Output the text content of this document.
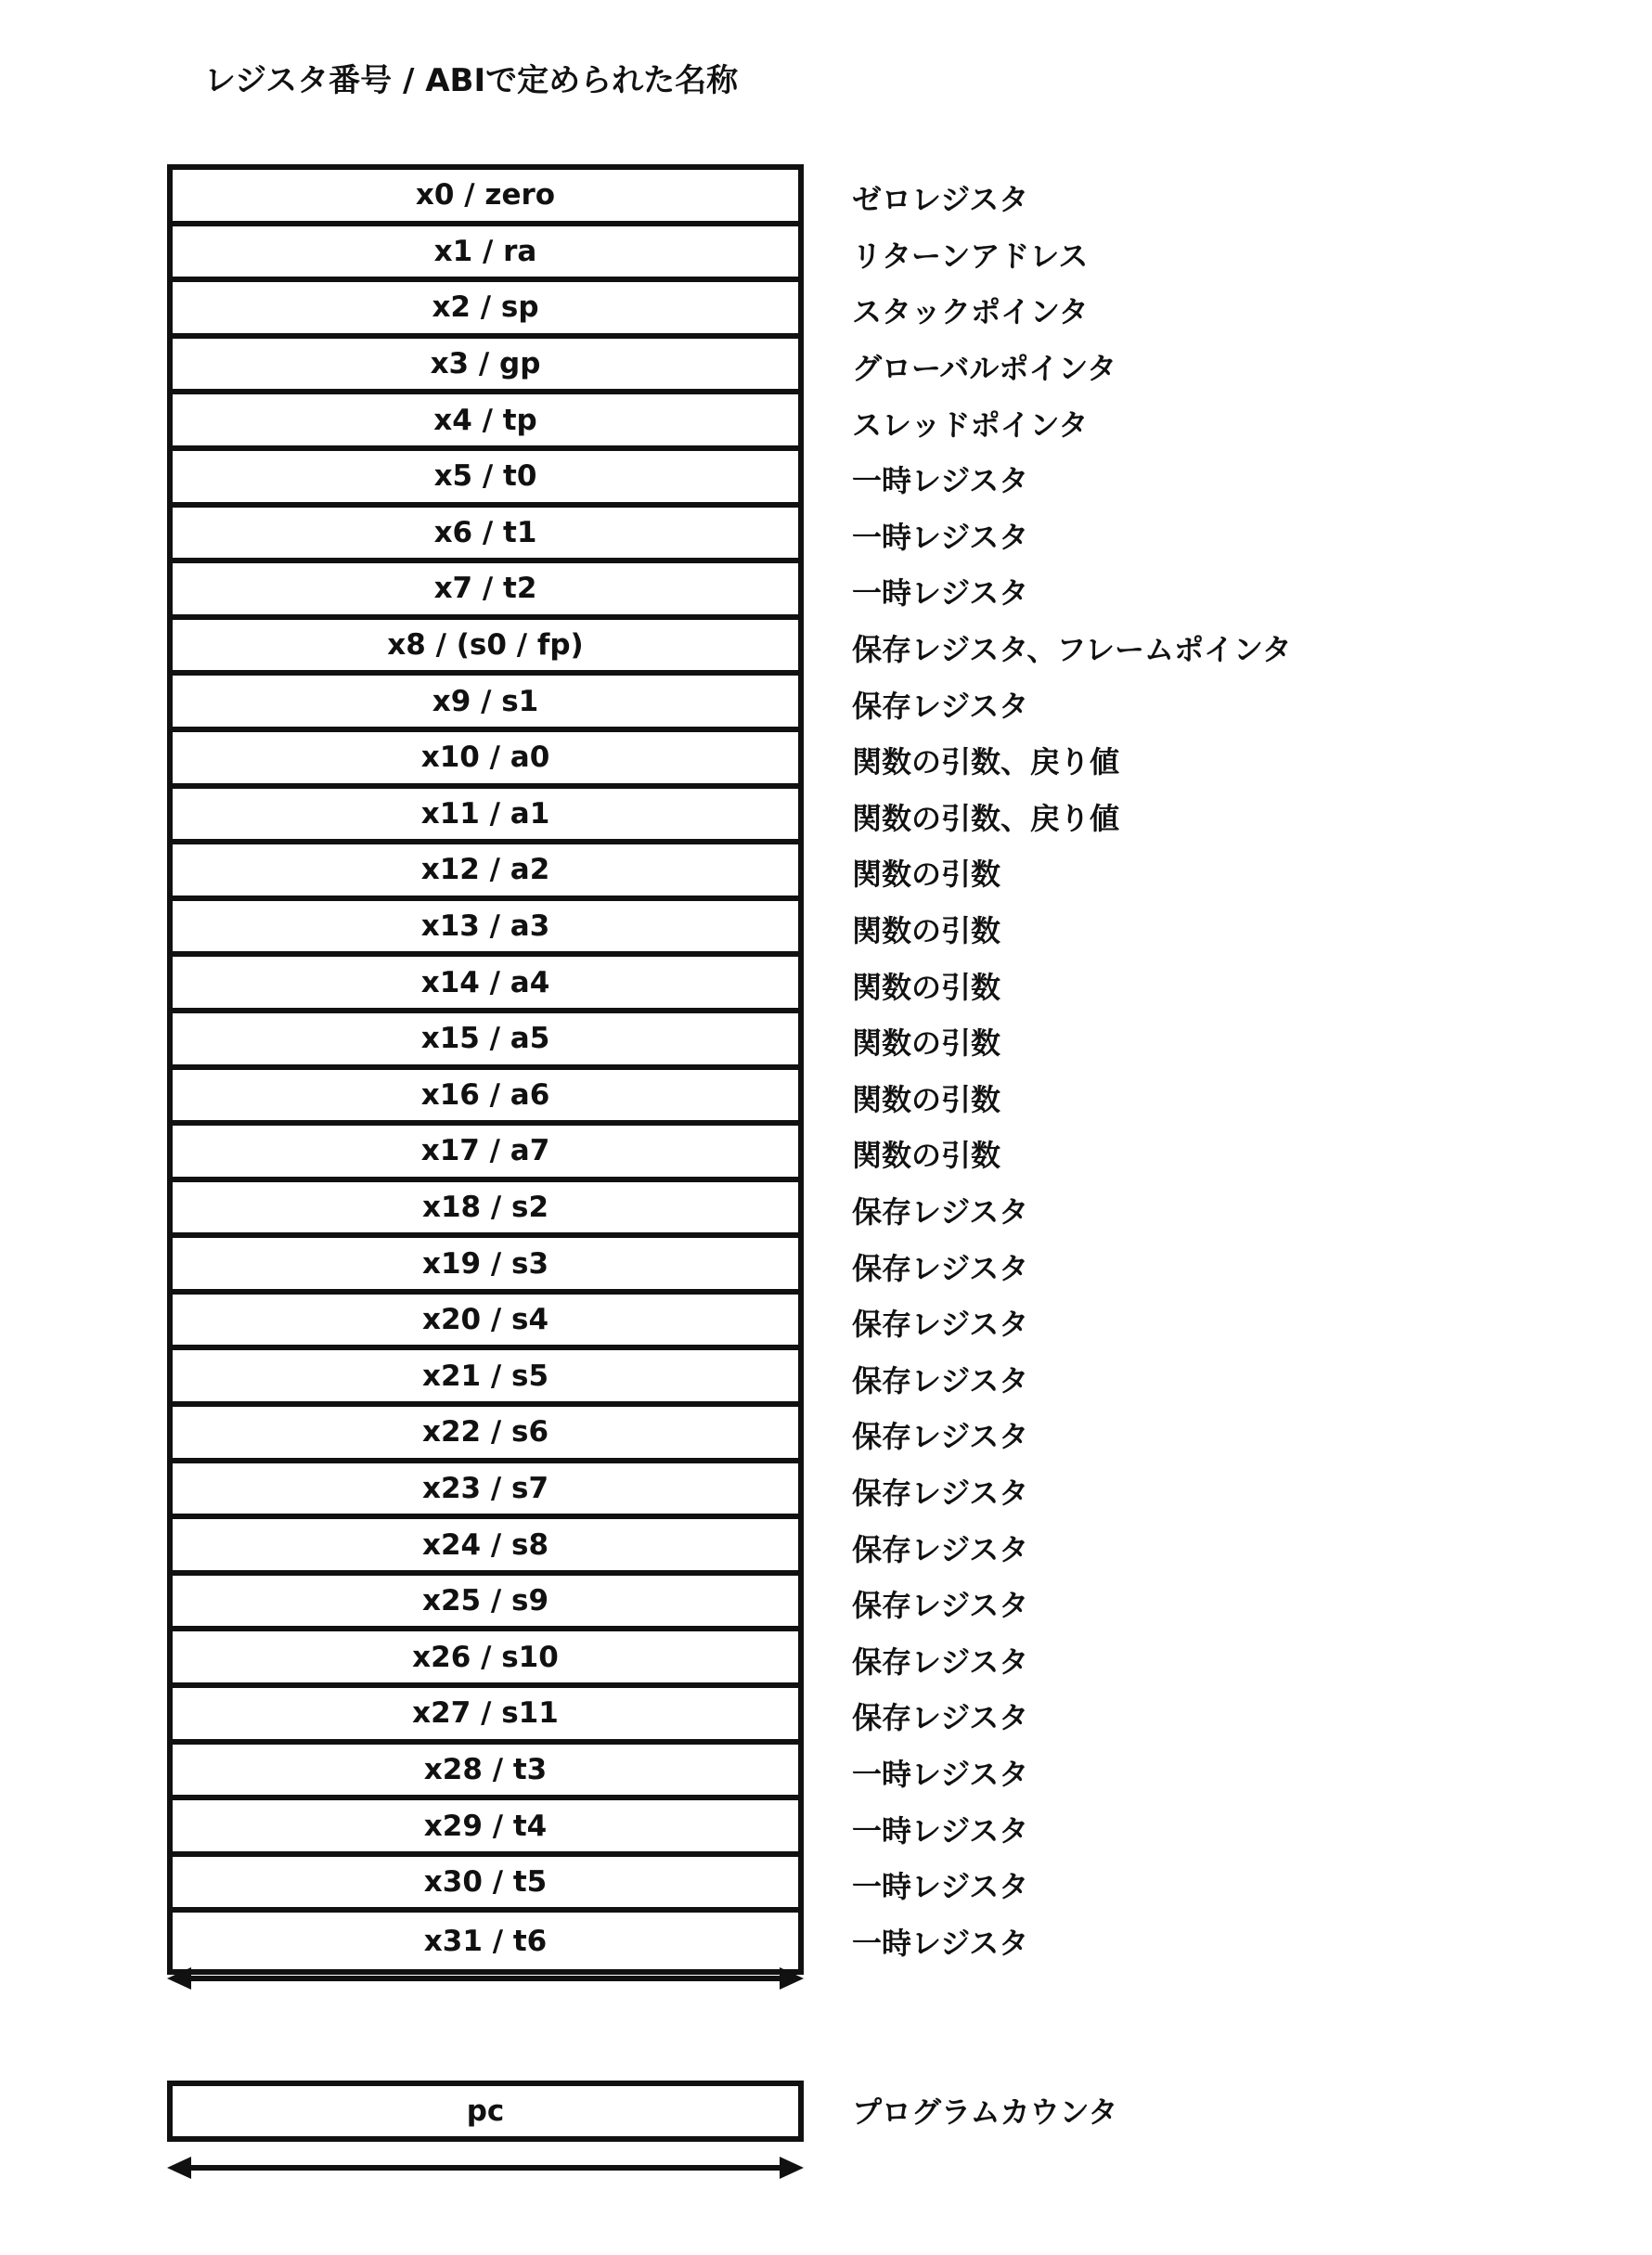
レジスタ番号 / ABIで定められた名称
x0 / zero
x1 / ra
x2 / sp
x3 / gp
x4 / tp
x5 / t0
x6 / t1
x7 / t2
x8 / (s0 / fp)
x9 / s1
x10 / a0
x11 / a1
x12 / a2
x13 / a3
x14 / a4
x15 / a5
x16 / a6
x17 / a7
x18 / s2
x19 / s3
x20 / s4
x21 / s5
x22 / s6
x23 / s7
x24 / s8
x25 / s9
x26 / s10
x27 / s11
x28 / t3
x29 / t4
x30 / t5
x31 / t6
ゼロレジスタ
リターンアドレス
スタックポインタ
グローバルポインタ
スレッドポインタ
一時レジスタ
一時レジスタ
一時レジスタ
保存レジスタ、フレームポインタ
保存レジスタ
関数の引数、戻り値
関数の引数、戻り値
関数の引数
関数の引数
関数の引数
関数の引数
関数の引数
関数の引数
保存レジスタ
保存レジスタ
保存レジスタ
保存レジスタ
保存レジスタ
保存レジスタ
保存レジスタ
保存レジスタ
保存レジスタ
保存レジスタ
一時レジスタ
一時レジスタ
一時レジスタ
一時レジスタ
pc	プログラムカウンタ
